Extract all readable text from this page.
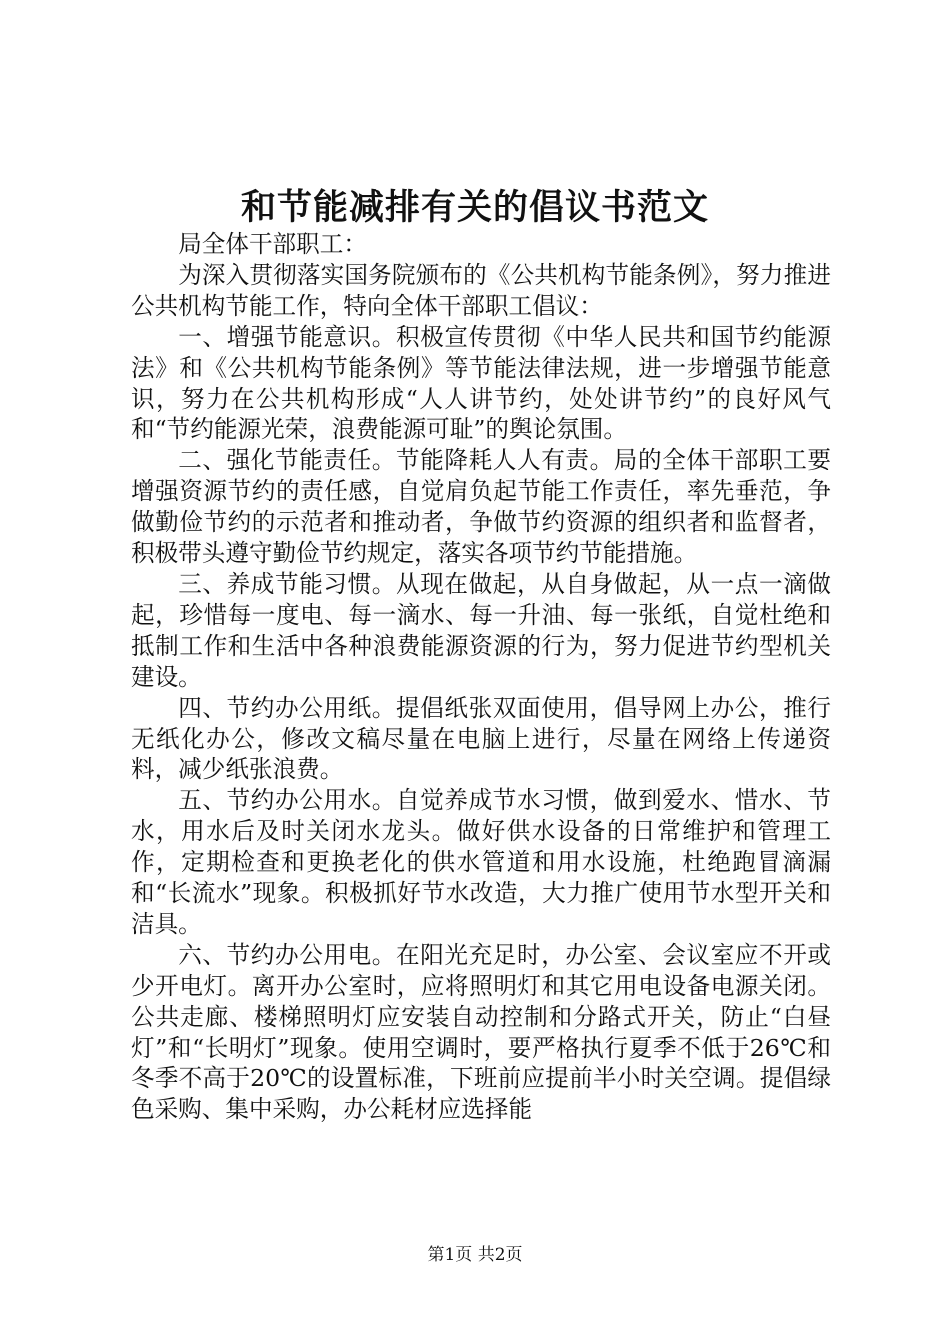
和节能减排有关的倡议书范文

局全体干部职工：

为深入贯彻落实国务院颁布的《公共机构节能条例》，努力推进公共机构节能工作，特向全体干部职工倡议：

一、增强节能意识。积极宣传贯彻《中华人民共和国节约能源法》和《公共机构节能条例》等节能法律法规，进一步增强节能意识，努力在公共机构形成“人人讲节约，处处讲节约”的良好风气和“节约能源光荣，浪费能源可耻”的舆论氛围。

二、强化节能责任。节能降耗人人有责。局的全体干部职工要增强资源节约的责任感，自觉肩负起节能工作责任，率先垂范，争做勤俭节约的示范者和推动者，争做节约资源的组织者和监督者，积极带头遵守勤俭节约规定，落实各项节约节能措施。

三、养成节能习惯。从现在做起，从自身做起，从一点一滴做起，珍惜每一度电、每一滴水、每一升油、每一张纸，自觉杜绝和抵制工作和生活中各种浪费能源资源的行为，努力促进节约型机关建设。

四、节约办公用纸。提倡纸张双面使用，倡导网上办公，推行无纸化办公，修改文稿尽量在电脑上进行，尽量在网络上传递资料，减少纸张浪费。

五、节约办公用水。自觉养成节水习惯，做到爱水、惜水、节水，用水后及时关闭水龙头。做好供水设备的日常维护和管理工作，定期检查和更换老化的供水管道和用水设施，杜绝跑冒滴漏和“长流水”现象。积极抓好节水改造，大力推广使用节水型开关和洁具。

六、节约办公用电。在阳光充足时，办公室、会议室应不开或少开电灯。离开办公室时，应将照明灯和其它用电设备电源关闭。公共走廊、楼梯照明灯应安装自动控制和分路式开关，防止“白昼灯”和“长明灯”现象。使用空调时，要严格执行夏季不低于26℃和冬季不高于20℃的设置标准，下班前应提前半小时关空调。提倡绿色采购、集中采购，办公耗材应选择能

第1页 共2页
